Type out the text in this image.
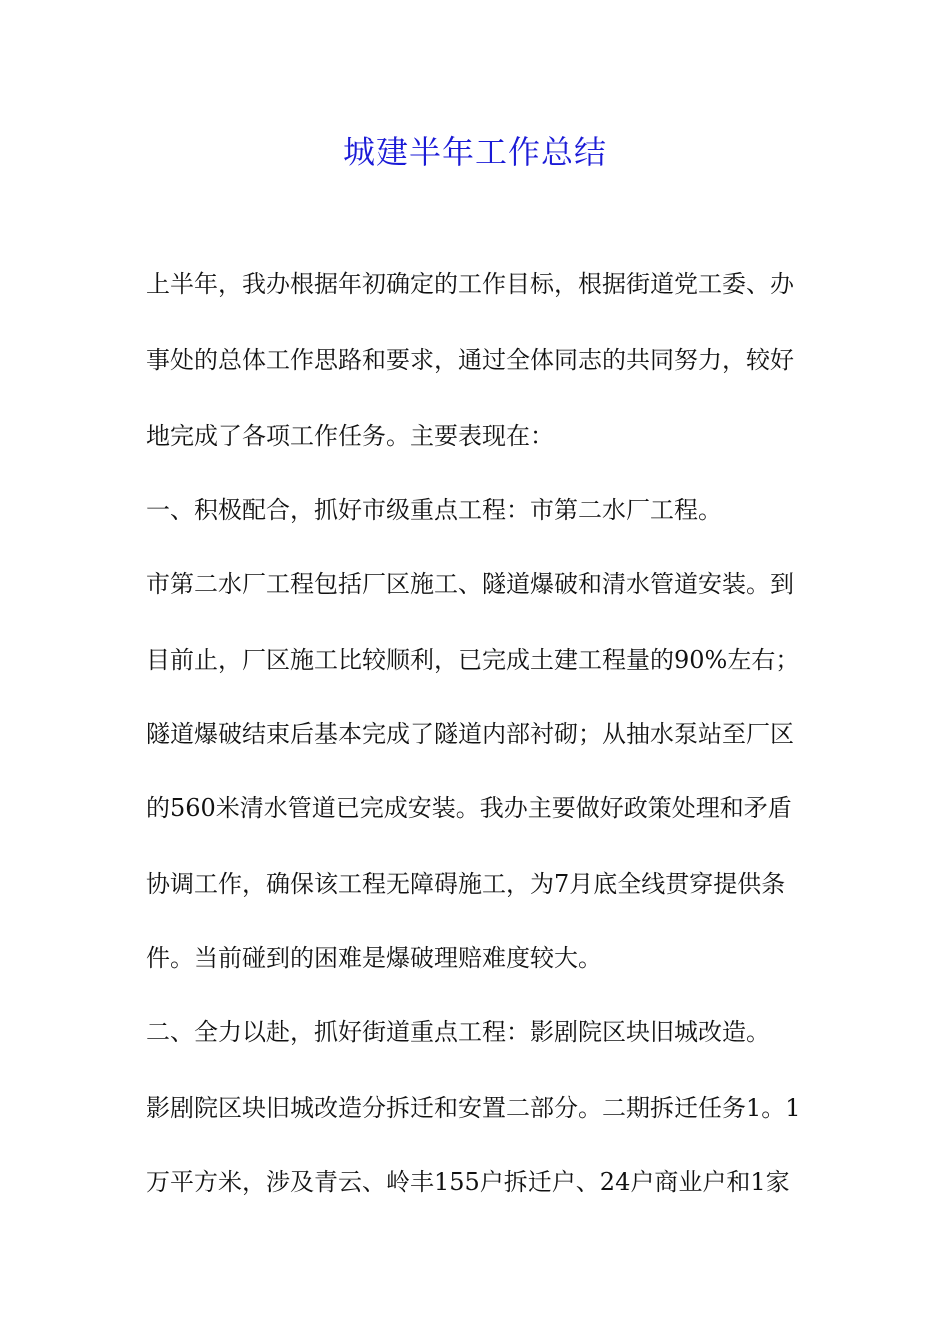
城建半年工作总结

上半年，我办根据年初确定的工作目标，根据街道党工委、办

事处的总体工作思路和要求，通过全体同志的共同努力，较好

地完成了各项工作任务。主要表现在：

一、积极配合，抓好市级重点工程：市第二水厂工程。

市第二水厂工程包括厂区施工、隧道爆破和清水管道安装。到

目前止，厂区施工比较顺利，已完成土建工程量的90%左右；

隧道爆破结束后基本完成了隧道内部衬砌；从抽水泵站至厂区

的560米清水管道已完成安装。我办主要做好政策处理和矛盾

协调工作，确保该工程无障碍施工，为7月底全线贯穿提供条

件。当前碰到的困难是爆破理赔难度较大。

二、全力以赴，抓好街道重点工程：影剧院区块旧城改造。

影剧院区块旧城改造分拆迁和安置二部分。二期拆迁任务1。1

万平方米，涉及青云、岭丰155户拆迁户、24户商业户和1家
